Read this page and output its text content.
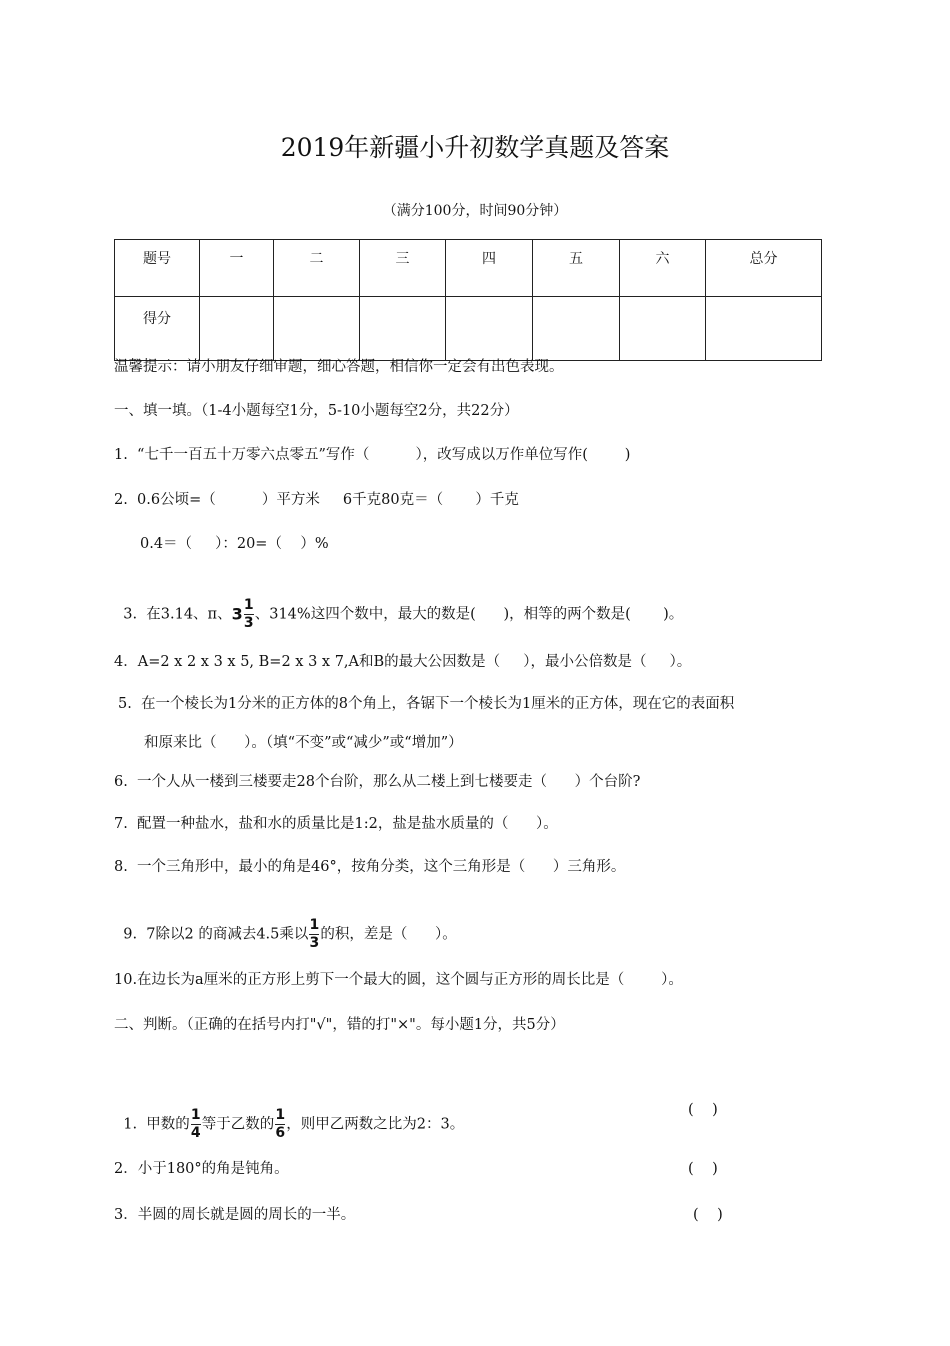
2019年新疆小升初数学真题及答案
（满分100分，时间90分钟）
题号	一	二	三	四	五	六	总分
得分							
温馨提示：请小朋友仔细审题，细心答题，相信你一定会有出色表现。
一、填一填。（1-4小题每空1分，5-10小题每空2分，共22分）
1.  “七千一百五十万零六点零五”写作（          ），改写成以万作单位写作(        )
2.  0.6公顷=（          ）平方米     6千克80克＝（       ）千克
0.4＝（     ）：20=（    ）%

3.  在3.14、π、$3 \frac{1}{3}$ 、314%这四个数中，最大的数是(      )，相等的两个数是(       )。

4．A=2 x 2 x 3 x 5, B=2 x 3 x 7,A和B的最大公因数是（     ），最小公倍数是（     ）。
5.  在一个棱长为1分米的正方体的8个角上，各锯下一个棱长为1厘米的正方体，现在它的表面积
和原来比（      ）。（填“不变”或“减少”或“增加”）
6.  一个人从一楼到三楼要走28个台阶，那么从二楼上到七楼要走（      ）个台阶?
7.  配置一种盐水，盐和水的质量比是1:2，盐是盐水质量的（      ）。
8.  一个三角形中，最小的角是46°，按角分类，这个三角形是（      ）三角形。

9.  7除以2 的商减去4.5乘以 $\frac{1}{3}$ 的积，差是（      ）。

10.在边长为a厘米的正方形上剪下一个最大的圆，这个圆与正方形的周长比是（        ）。
二、判断。（正确的在括号内打"√"，错的打"×"。每小题1分，共5分）

1.  甲数的 $\frac{1}{4}$ 等于乙数的 $\frac{1}{6}$ ，则甲乙两数之比为2：3。

(    )
2．小于180°的角是钝角。	(    )
3．半圆的周长就是圆的周长的一半。	(    )
